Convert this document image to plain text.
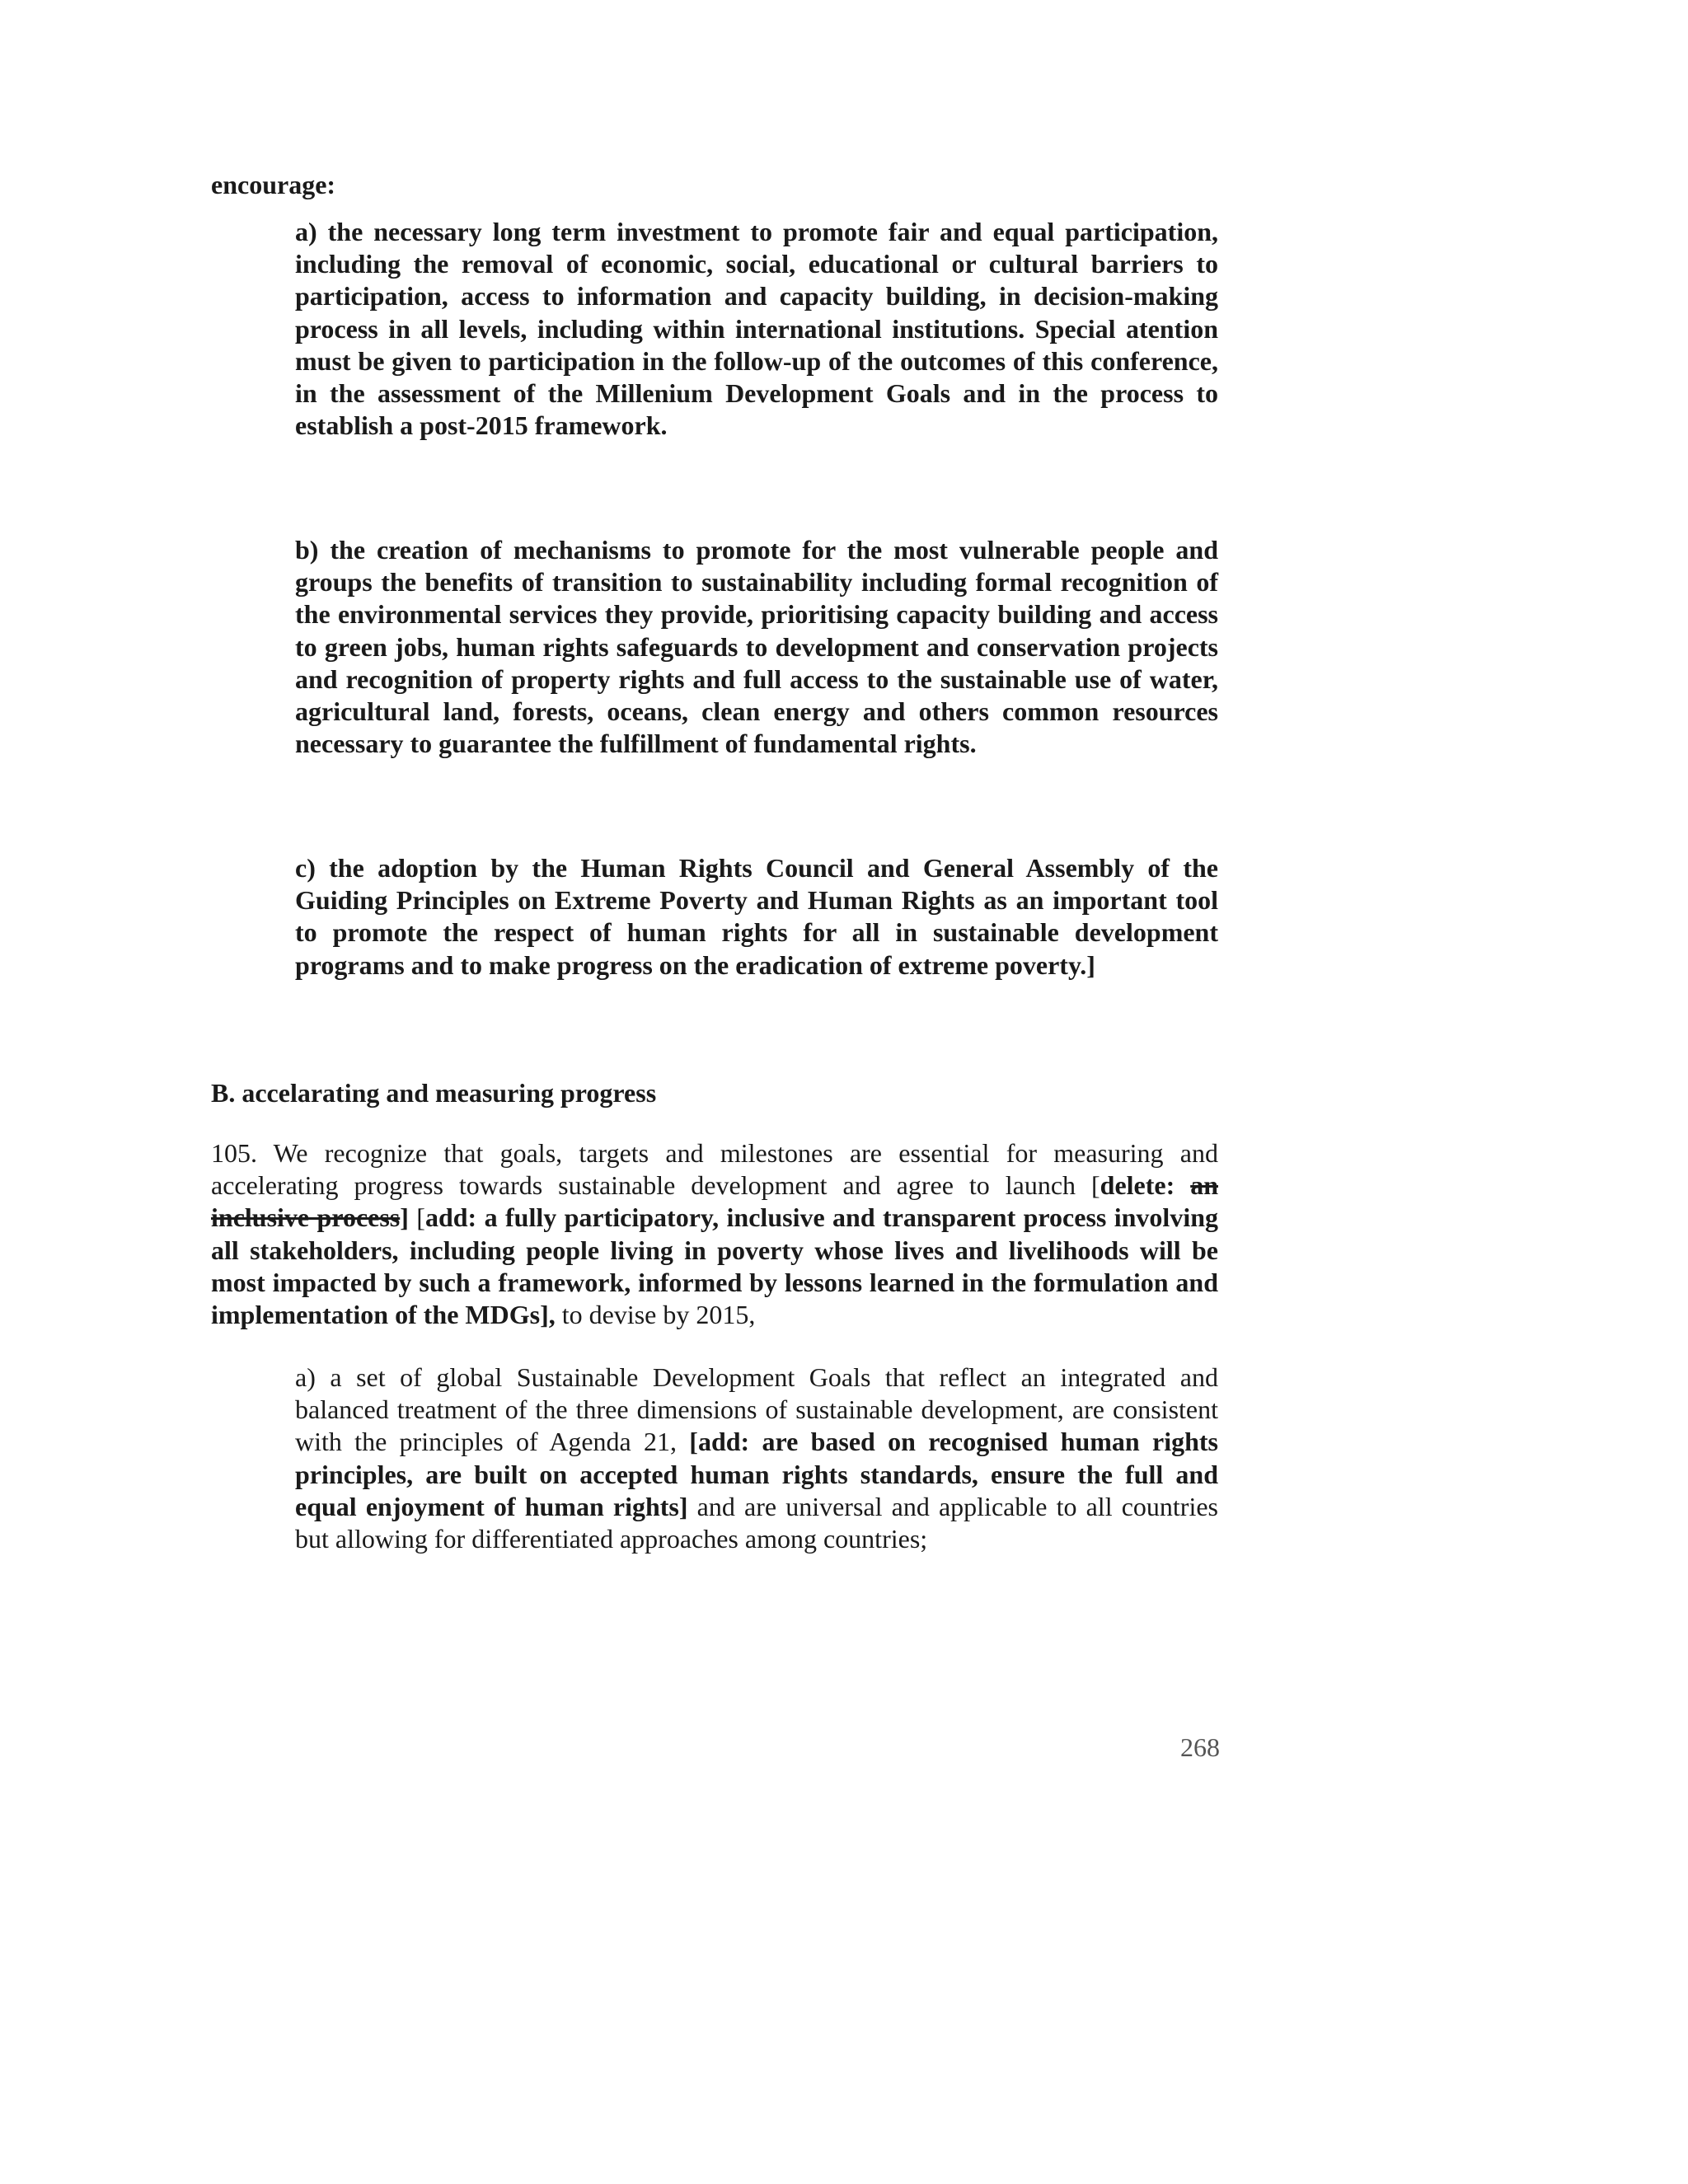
encourage:
a) the necessary long term investment to promote fair and equal participation, including the removal of economic, social, educational or cultural barriers to participation, access to information and capacity building, in decision-making process in all levels, including within international institutions. Special atention must be given to participation in the follow-up of the outcomes of this conference, in the assessment of the Millenium Development Goals and in the process to establish a post-2015 framework.
b) the creation of mechanisms to promote for the most vulnerable people and groups the benefits of transition to sustainability including formal recognition of the environmental services they provide, prioritising capacity building and access to green jobs, human rights safeguards to development and conservation projects and recognition of property rights and full access to the sustainable use of water, agricultural land, forests, oceans, clean energy and others common resources necessary to guarantee the fulfillment of fundamental rights.
c) the adoption by the Human Rights Council and General Assembly of the Guiding Principles on Extreme Poverty and Human Rights as an important tool to promote the respect of human rights for all in sustainable development programs and to make progress on the eradication of extreme poverty.]
B. accelarating and measuring progress
105. We recognize that goals, targets and milestones are essential for measuring and accelerating progress towards sustainable development and agree to launch [delete: an inclusive process] [add: a fully participatory, inclusive and transparent process involving all stakeholders, including people living in poverty whose lives and livelihoods will be most impacted by such a framework, informed by lessons learned in the formulation and implementation of the MDGs], to devise by 2015,
a) a set of global Sustainable Development Goals that reflect an integrated and balanced treatment of the three dimensions of sustainable development, are consistent with the principles of Agenda 21, [add: are based on recognised human rights principles, are built on accepted human rights standards, ensure the full and equal enjoyment of human rights] and are universal and applicable to all countries but allowing for differentiated approaches among countries;
268
